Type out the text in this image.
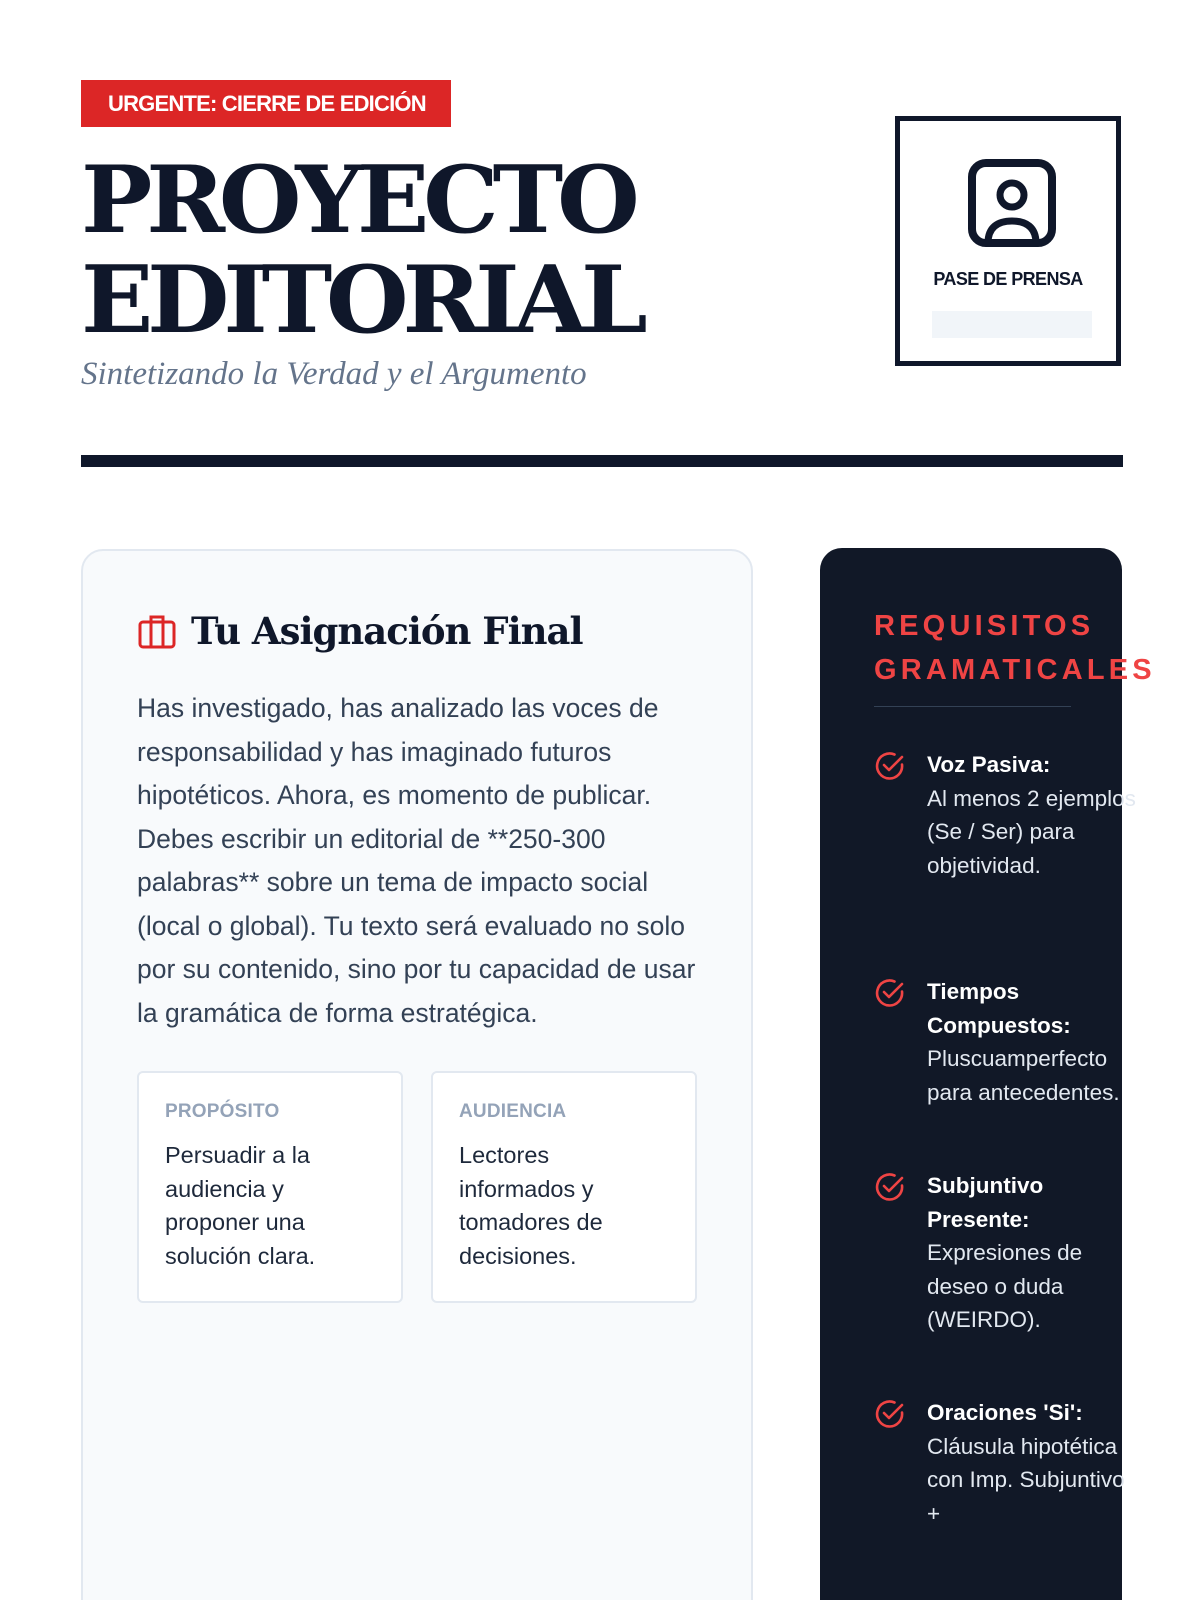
URGENTE: CIERRE DE EDICIÓN
PROYECTO
EDITORIAL
Sintetizando la Verdad y el Argumento
PASE DE PRENSA
Tu Asignación Final

Has investigado, has analizado las voces de responsabilidad y has imaginado futuros hipotéticos. Ahora, es momento de publicar. Debes escribir un editorial de **250-300 palabras** sobre un tema de impacto social (local o global). Tu texto será evaluado no solo por su contenido, sino por tu capacidad de usar la gramática de forma estratégica.

PROPÓSITO
Persuadir a la audiencia y proponer una solución clara.
AUDIENCIA
Lectores informados y tomadores de decisiones.
REQUISITOS
GRAMATICALES
Voz Pasiva:
Al menos 2 ejemplos (Se / Ser) para objetividad.
Tiempos Compuestos:
Pluscuamperfecto para antecedentes.
Subjuntivo Presente:
Expresiones de deseo o duda (WEIRDO).
Oraciones 'Si':
Cláusula hipotética con Imp. Subjuntivo +
